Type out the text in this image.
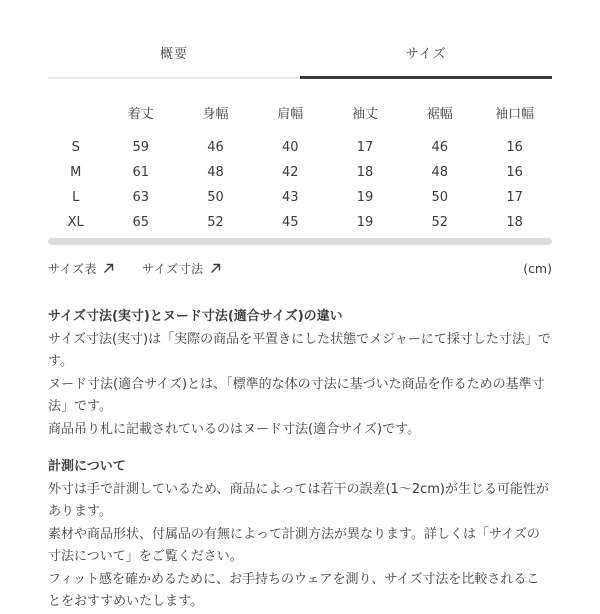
概要	サイズ
	着丈	身幅	肩幅	袖丈	裾幅	袖口幅
S	59	46	40	17	46	16
M	61	48	42	18	48	16
L	63	50	43	19	50	17
XL	65	52	45	19	52	18
サイズ表	サイズ寸法	(cm)
サイズ寸法(実寸)とヌード寸法(適合サイズ)の違い

サイズ寸法(実寸)は「実際の商品を平置きにした状態でメジャーにて採寸した寸法」です。

ヌード寸法(適合サイズ)とは、「標準的な体の寸法に基づいた商品を作るための基準寸法」です。

商品吊り札に記載されているのはヌード寸法(適合サイズ)です。

計測について

外寸は手で計測しているため、商品によっては若干の誤差(1〜2cm)が生じる可能性があります。

素材や商品形状、付属品の有無によって計測方法が異なります。詳しくは「サイズの寸法について」をご覧ください。

フィット感を確かめるために、お手持ちのウェアを測り、サイズ寸法を比較されることをおすすめいたします。
